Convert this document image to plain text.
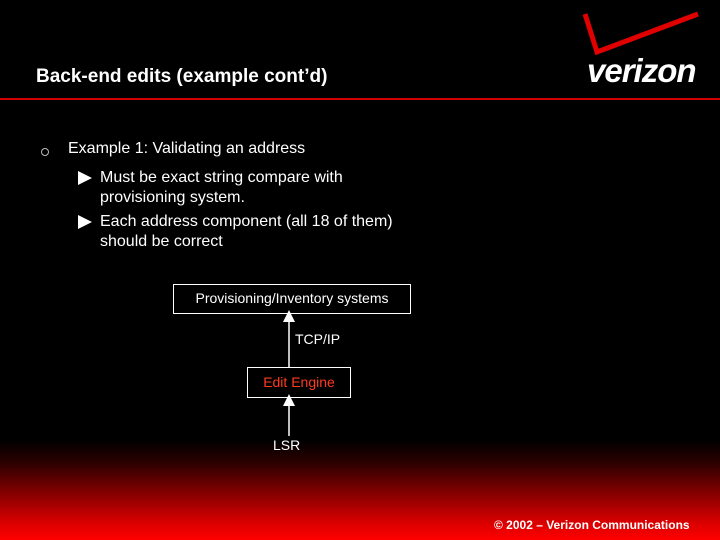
verizon
Back-end edits (example cont’d)
Example 1: Validating an address
Must be exact string compare with provisioning system.
Each address component (all 18 of them) should be correct
Provisioning/Inventory systems
TCP/IP
Edit Engine
LSR
© 2002 – Verizon Communications
